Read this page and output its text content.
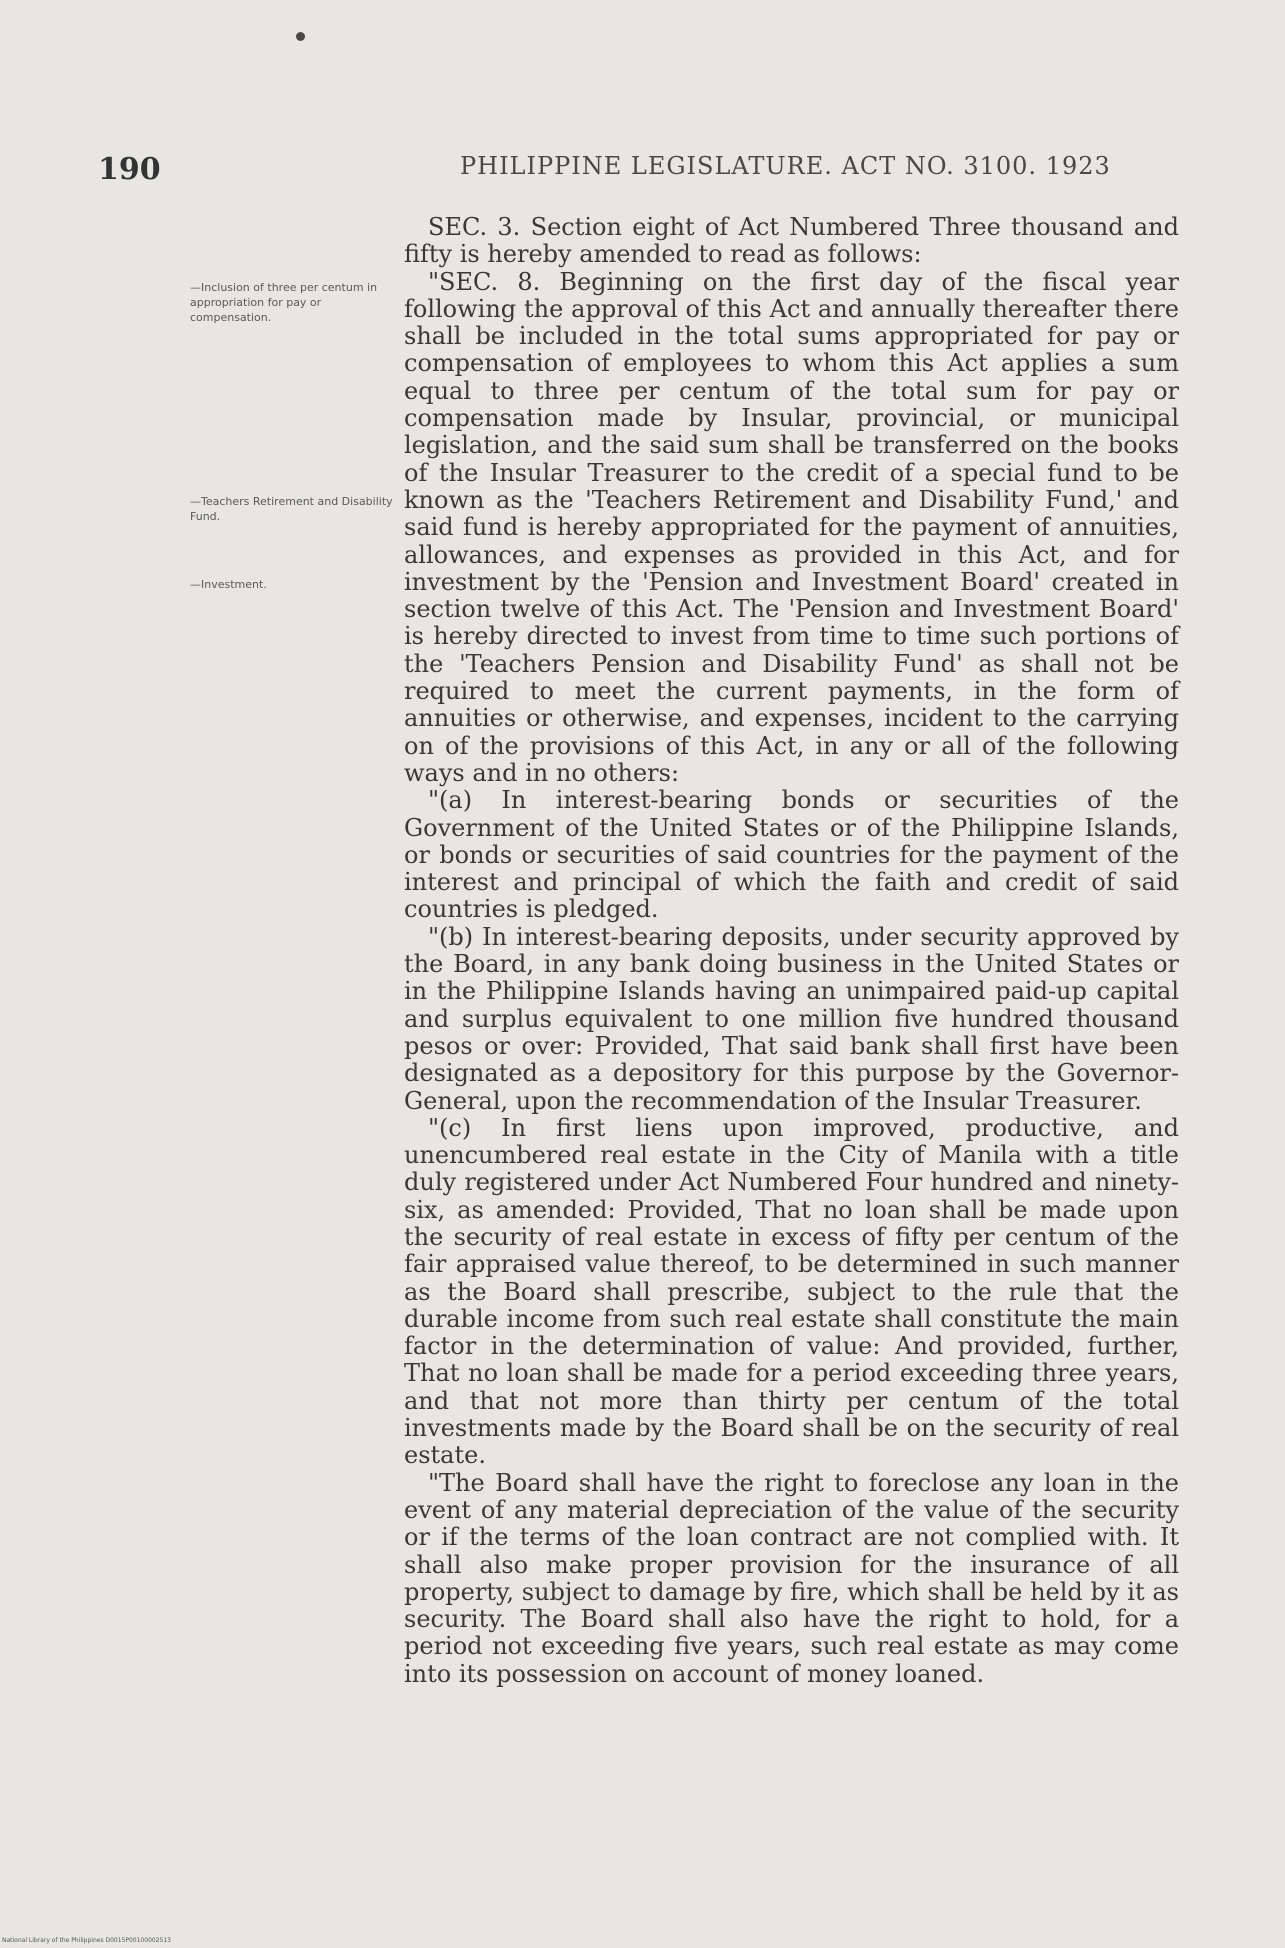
190	PHILIPPINE LEGISLATURE. ACT NO. 3100. 1923
—Inclusion of three per centum in appropriation for pay or compensation.
—Teachers Retirement and Disability Fund.
—Investment.

SEC. 3. Section eight of Act Numbered Three thousand and fifty is hereby amended to read as follows:

"SEC. 8. Beginning on the first day of the fiscal year following the approval of this Act and annually thereafter there shall be included in the total sums appropriated for pay or compensation of employees to whom this Act applies a sum equal to three per centum of the total sum for pay or compensation made by Insular, provincial, or municipal legislation, and the said sum shall be transferred on the books of the Insular Treasurer to the credit of a special fund to be known as the 'Teachers Retirement and Disability Fund,' and said fund is hereby appropriated for the payment of annuities, allowances, and expenses as provided in this Act, and for investment by the 'Pension and Investment Board' created in section twelve of this Act. The 'Pension and Investment Board' is hereby directed to invest from time to time such portions of the 'Teachers Pension and Disability Fund' as shall not be required to meet the current payments, in the form of annuities or otherwise, and expenses, incident to the carrying on of the provisions of this Act, in any or all of the following ways and in no others:

"(a) In interest-bearing bonds or securities of the Government of the United States or of the Philippine Islands, or bonds or securities of said countries for the payment of the interest and principal of which the faith and credit of said countries is pledged.

"(b) In interest-bearing deposits, under security approved by the Board, in any bank doing business in the United States or in the Philippine Islands having an unimpaired paid-up capital and surplus equivalent to one million five hundred thousand pesos or over: Provided, That said bank shall first have been designated as a depository for this purpose by the Governor-General, upon the recommendation of the Insular Treasurer.

"(c) In first liens upon improved, productive, and unencumbered real estate in the City of Manila with a title duly registered under Act Numbered Four hundred and ninety-six, as amended: Provided, That no loan shall be made upon the security of real estate in excess of fifty per centum of the fair appraised value thereof, to be determined in such manner as the Board shall prescribe, subject to the rule that the durable income from such real estate shall constitute the main factor in the determination of value: And provided, further, That no loan shall be made for a period exceeding three years, and that not more than thirty per centum of the total investments made by the Board shall be on the security of real estate.

"The Board shall have the right to foreclose any loan in the event of any material depreciation of the value of the security or if the terms of the loan contract are not complied with. It shall also make proper provision for the insurance of all property, subject to damage by fire, which shall be held by it as security. The Board shall also have the right to hold, for a period not exceeding five years, such real estate as may come into its possession on account of money loaned.

National Library of the Philippines D0015P00100002513
